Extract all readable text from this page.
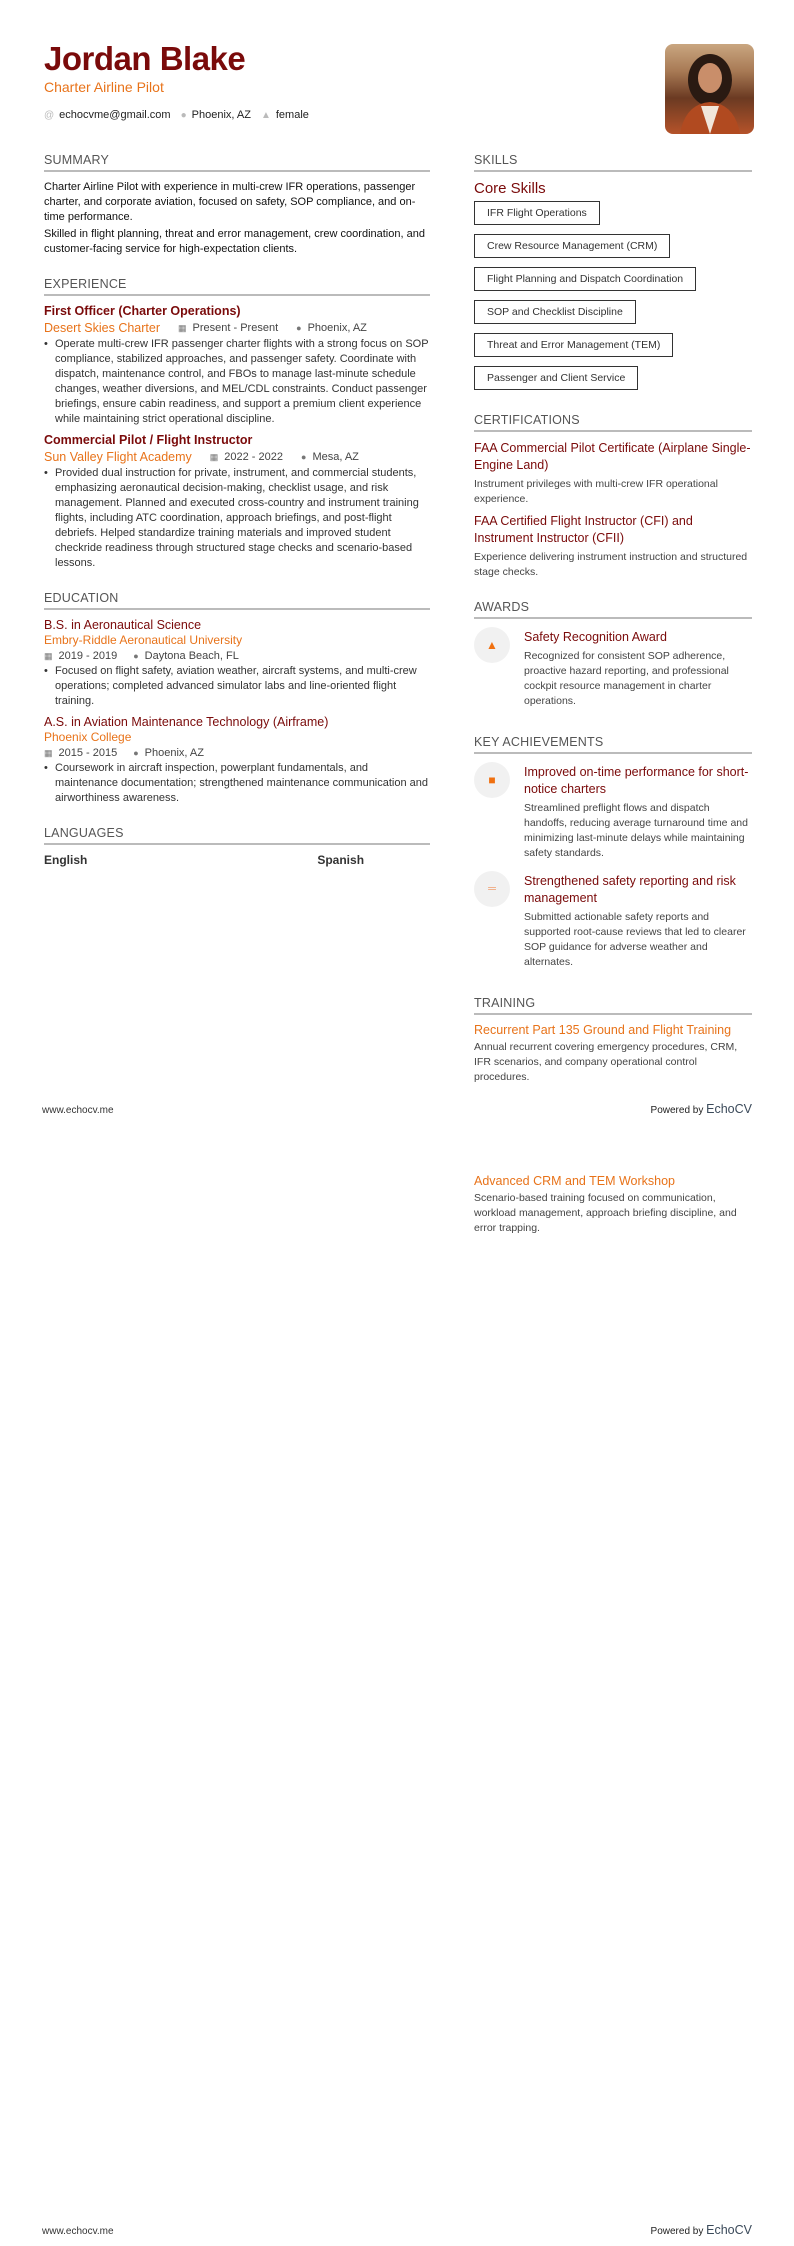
Jordan Blake
Charter Airline Pilot
@ echocvme@gmail.com ● Phoenix, AZ ▲ female
SUMMARY

Charter Airline Pilot with experience in multi-crew IFR operations, passenger charter, and corporate aviation, focused on safety, SOP compliance, and on-time performance.

Skilled in flight planning, threat and error management, crew coordination, and customer-facing service for high-expectation clients.

EXPERIENCE
First Officer (Charter Operations)
Desert Skies Charter ▦ Present - Present ● Phoenix, AZ
• Operate multi-crew IFR passenger charter flights with a strong focus on SOP compliance, stabilized approaches, and passenger safety. Coordinate with dispatch, maintenance control, and FBOs to manage last-minute schedule changes, weather diversions, and MEL/CDL constraints. Conduct passenger briefings, ensure cabin readiness, and support a premium client experience while maintaining strict operational discipline.
Commercial Pilot / Flight Instructor
Sun Valley Flight Academy ▦ 2022 - 2022 ● Mesa, AZ
• Provided dual instruction for private, instrument, and commercial students, emphasizing aeronautical decision-making, checklist usage, and risk management. Planned and executed cross-country and instrument training flights, including ATC coordination, approach briefings, and post-flight debriefs. Helped standardize training materials and improved student checkride readiness through structured stage checks and scenario-based lessons.
EDUCATION
B.S. in Aeronautical Science
Embry-Riddle Aeronautical University
▦ 2019 - 2019 ● Daytona Beach, FL
• Focused on flight safety, aviation weather, aircraft systems, and multi-crew operations; completed advanced simulator labs and line-oriented flight training.
A.S. in Aviation Maintenance Technology (Airframe)
Phoenix College
▦ 2015 - 2015 ● Phoenix, AZ
• Coursework in aircraft inspection, powerplant fundamentals, and maintenance documentation; strengthened maintenance communication and airworthiness awareness.
LANGUAGES
English	Spanish
SKILLS
Core Skills
IFR Flight Operations
Crew Resource Management (CRM)
Flight Planning and Dispatch Coordination
SOP and Checklist Discipline
Threat and Error Management (TEM)
Passenger and Client Service
CERTIFICATIONS
FAA Commercial Pilot Certificate (Airplane Single-Engine Land)
Instrument privileges with multi-crew IFR operational experience.
FAA Certified Flight Instructor (CFI) and Instrument Instructor (CFII)
Experience delivering instrument instruction and structured stage checks.
AWARDS
▲
Safety Recognition Award
Recognized for consistent SOP adherence, proactive hazard reporting, and professional cockpit resource management in charter operations.
KEY ACHIEVEMENTS
■
Improved on-time performance for short-notice charters
Streamlined preflight flows and dispatch handoffs, reducing average turnaround time and minimizing last-minute delays while maintaining safety standards.
═
Strengthened safety reporting and risk management
Submitted actionable safety reports and supported root-cause reviews that led to clearer SOP guidance for adverse weather and alternates.
TRAINING
Recurrent Part 135 Ground and Flight Training
Annual recurrent covering emergency procedures, CRM, IFR scenarios, and company operational control procedures.
www.echocv.me	Powered by EchoCV
Advanced CRM and TEM Workshop
Scenario-based training focused on communication, workload management, approach briefing discipline, and error trapping.
www.echocv.me	Powered by EchoCV
